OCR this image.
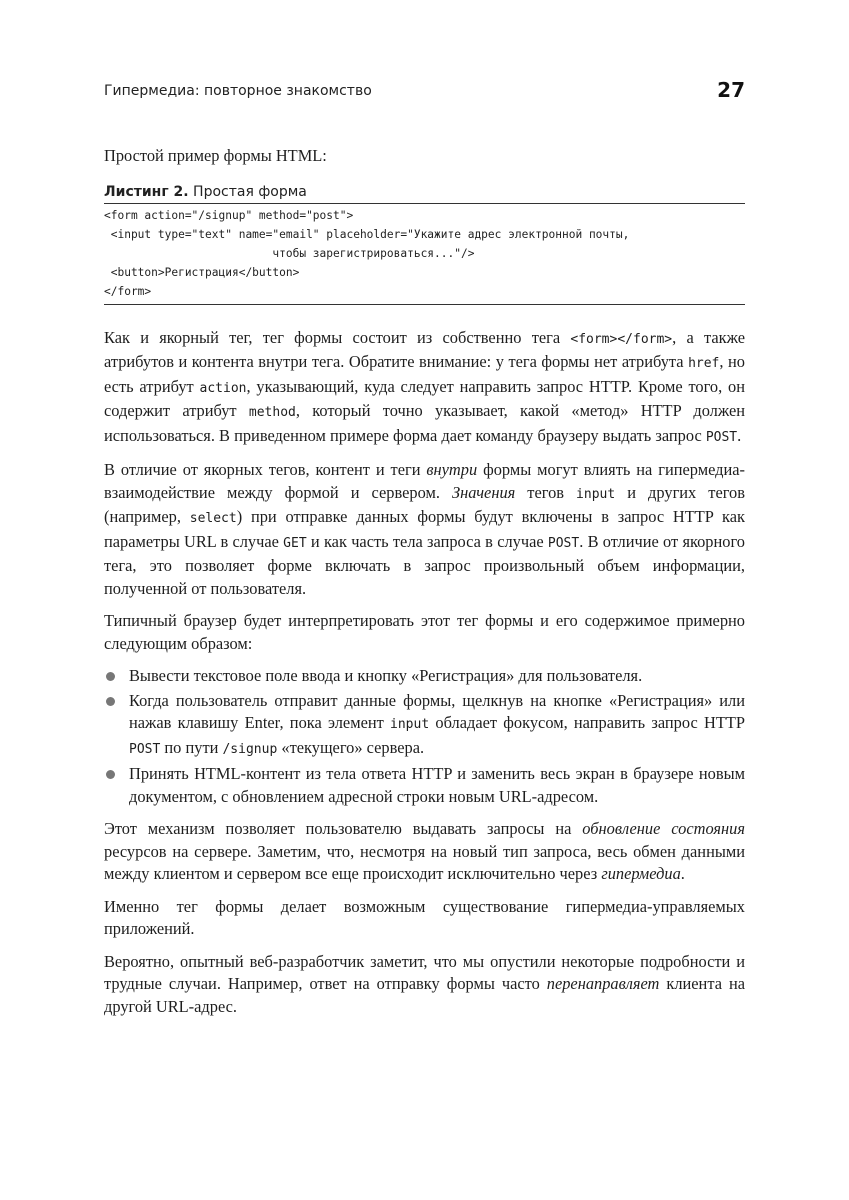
Гипермедиа: повторное знакомство	27

Простой пример формы HTML:

Листинг 2. Простая форма
<form action="/signup" method="post">
<input type="text" name="email" placeholder="Укажите адрес электронной почты,
чтобы зарегистрироваться..."/>
<button>Регистрация</button>
</form>

Как и якорный тег, тег формы состоит из собственно тега <form></form>, а также атрибутов и контента внутри тега. Обратите внимание: у тега формы нет атрибута href, но есть атрибут action, указывающий, куда следует направить запрос HTTP. Кроме того, он содержит атрибут method, который точно указывает, какой «метод» HTTP должен использоваться. В приведенном примере форма дает команду браузеру выдать запрос POST.

В отличие от якорных тегов, контент и теги внутри формы могут влиять на гипермедиа-взаимодействие между формой и сервером. Значения тегов input и других тегов (например, select) при отправке данных формы будут включены в запрос HTTP как параметры URL в случае GET и как часть тела запроса в случае POST. В отличие от якорного тега, это позволяет форме включать в запрос произвольный объем информации, полученной от пользователя.

Типичный браузер будет интерпретировать этот тег формы и его содержимое примерно следующим образом:

Вывести текстовое поле ввода и кнопку «Регистрация» для пользователя.
Когда пользователь отправит данные формы, щелкнув на кнопке «Регистрация» или нажав клавишу Enter, пока элемент input обладает фокусом, направить запрос HTTP POST по пути /signup «текущего» сервера.
Принять HTML-контент из тела ответа HTTP и заменить весь экран в браузере новым документом, с обновлением адресной строки новым URL-адресом.

Этот механизм позволяет пользователю выдавать запросы на обновление состояния ресурсов на сервере. Заметим, что, несмотря на новый тип запроса, весь обмен данными между клиентом и сервером все еще происходит исключительно через гипермедиа.

Именно тег формы делает возможным существование гипермедиа-управляемых приложений.

Вероятно, опытный веб-разработчик заметит, что мы опустили некоторые подробности и трудные случаи. Например, ответ на отправку формы часто перенаправляет клиента на другой URL-адрес.
